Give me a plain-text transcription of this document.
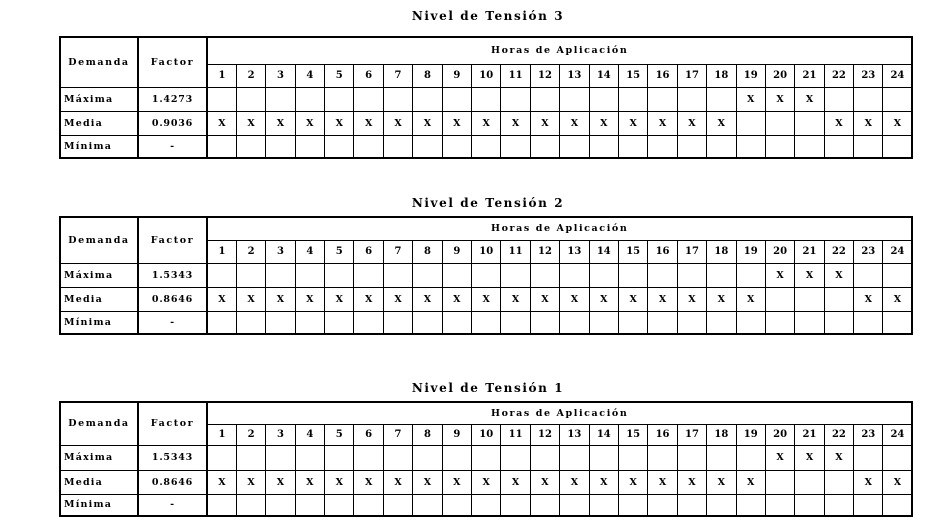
Nivel de Tensión 3
Demanda	Factor	Horas de Aplicación																							
		1	2	3	4	5	6	7	8	9	10	11	12	13	14	15	16	17	18	19	20	21	22	23	24
Máxima	1.4273																			X	X	X			
Media	0.9036	X	X	X	X	X	X	X	X	X	X	X	X	X	X	X	X	X	X				X	X	X
Mínima	-																								
Nivel de Tensión 2
Demanda	Factor	Horas de Aplicación																							
		1	2	3	4	5	6	7	8	9	10	11	12	13	14	15	16	17	18	19	20	21	22	23	24
Máxima	1.5343																				X	X	X		
Media	0.8646	X	X	X	X	X	X	X	X	X	X	X	X	X	X	X	X	X	X	X				X	X
Mínima	-																								
Nivel de Tensión 1
Demanda	Factor	Horas de Aplicación																							
		1	2	3	4	5	6	7	8	9	10	11	12	13	14	15	16	17	18	19	20	21	22	23	24
Máxima	1.5343																				X	X	X		
Media	0.8646	X	X	X	X	X	X	X	X	X	X	X	X	X	X	X	X	X	X	X				X	X
Mínima	-																								
